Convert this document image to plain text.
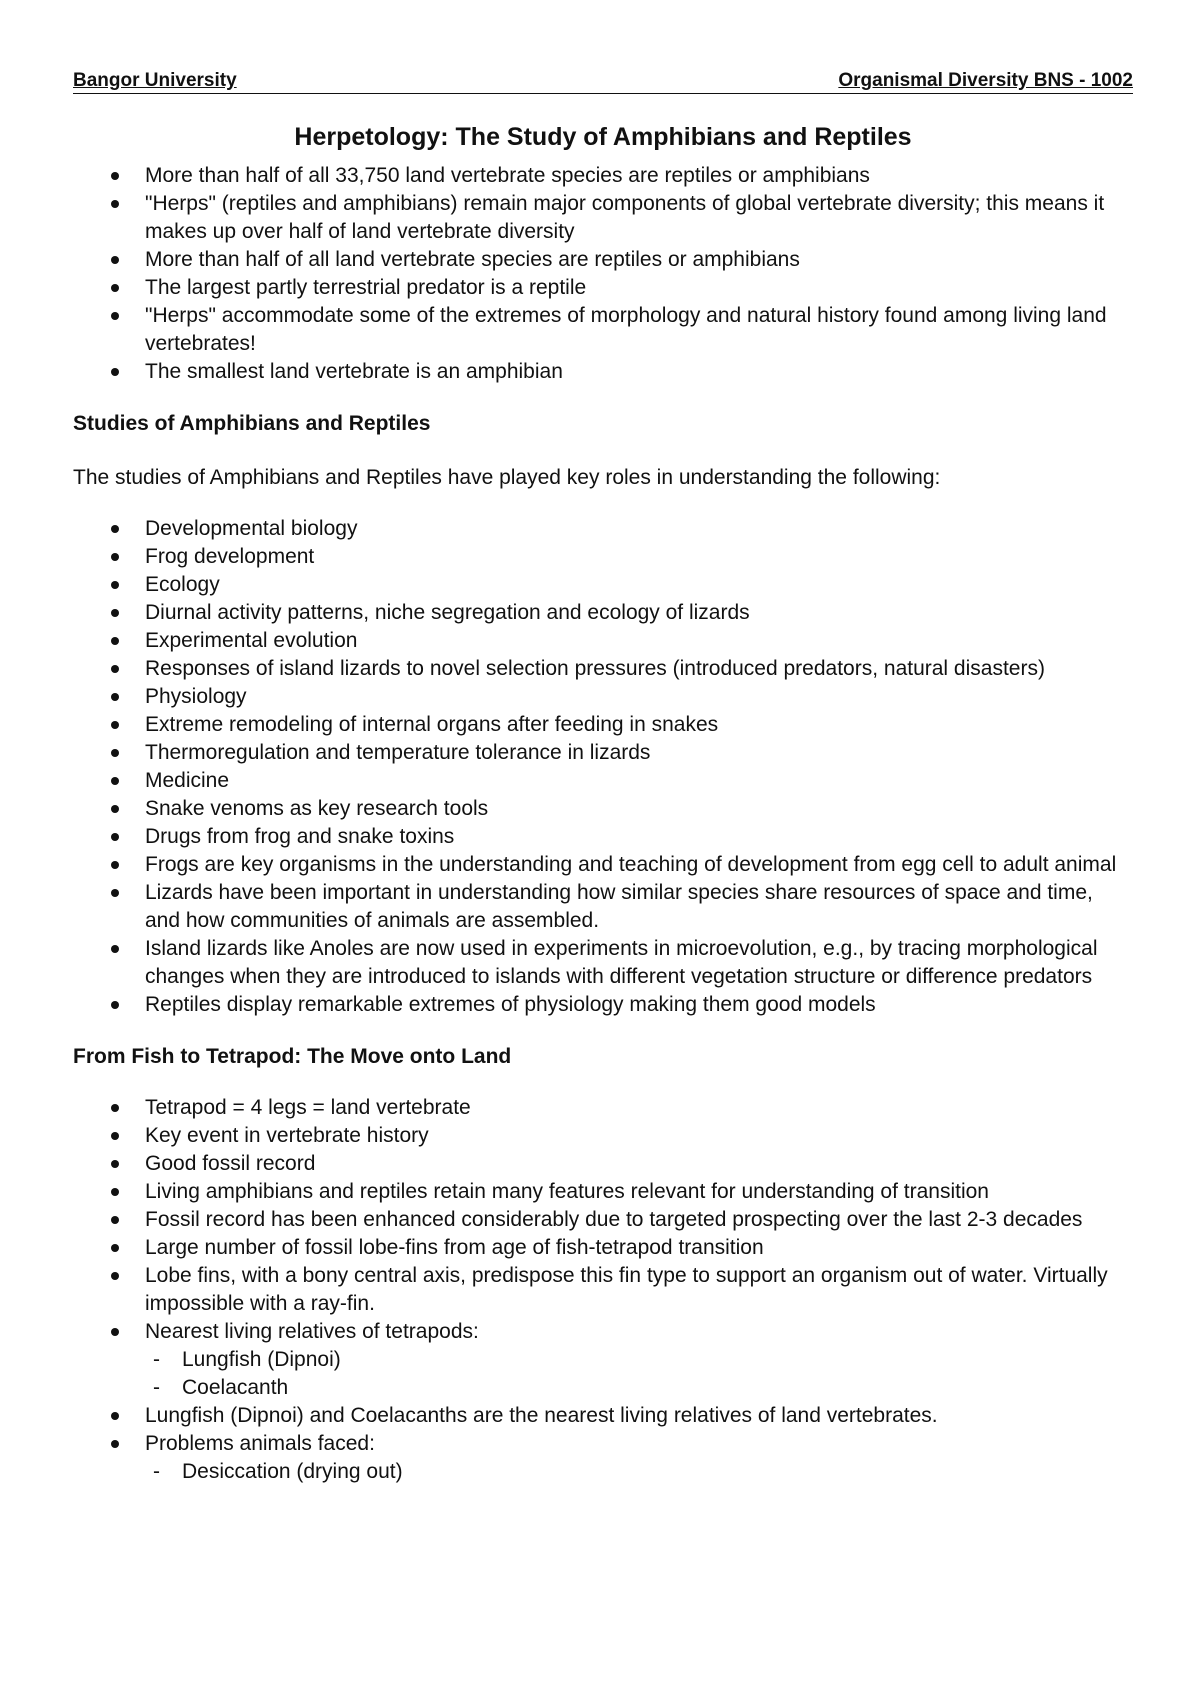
Bangor University	Organismal Diversity BNS - 1002
Herpetology: The Study of Amphibians and Reptiles
More than half of all 33,750 land vertebrate species are reptiles or amphibians
"Herps" (reptiles and amphibians) remain major components of global vertebrate diversity; this means it makes up over half of land vertebrate diversity
More than half of all land vertebrate species are reptiles or amphibians
The largest partly terrestrial predator is a reptile
"Herps" accommodate some of the extremes of morphology and natural history found among living land vertebrates!
The smallest land vertebrate is an amphibian
Studies of Amphibians and Reptiles

The studies of Amphibians and Reptiles have played key roles in understanding the following:

Developmental biology
Frog development
Ecology
Diurnal activity patterns, niche segregation and ecology of lizards
Experimental evolution
Responses of island lizards to novel selection pressures (introduced predators, natural disasters)
Physiology
Extreme remodeling of internal organs after feeding in snakes
Thermoregulation and temperature tolerance in lizards
Medicine
Snake venoms as key research tools
Drugs from frog and snake toxins
Frogs are key organisms in the understanding and teaching of development from egg cell to adult animal
Lizards have been important in understanding how similar species share resources of space and time, and how communities of animals are assembled.
Island lizards like Anoles are now used in experiments in microevolution, e.g., by tracing morphological changes when they are introduced to islands with different vegetation structure or difference predators
Reptiles display remarkable extremes of physiology making them good models
From Fish to Tetrapod: The Move onto Land
Tetrapod = 4 legs = land vertebrate
Key event in vertebrate history
Good fossil record
Living amphibians and reptiles retain many features relevant for understanding of transition
Fossil record has been enhanced considerably due to targeted prospecting over the last 2-3 decades
Large number of fossil lobe-fins from age of fish-tetrapod transition
Lobe fins, with a bony central axis, predispose this fin type to support an organism out of water. Virtually impossible with a ray-fin.
Nearest living relatives of tetrapods:
- Lungfish (Dipnoi)
- Coelacanth
Lungfish (Dipnoi) and Coelacanths are the nearest living relatives of land vertebrates.
Problems animals faced:
- Desiccation (drying out)
